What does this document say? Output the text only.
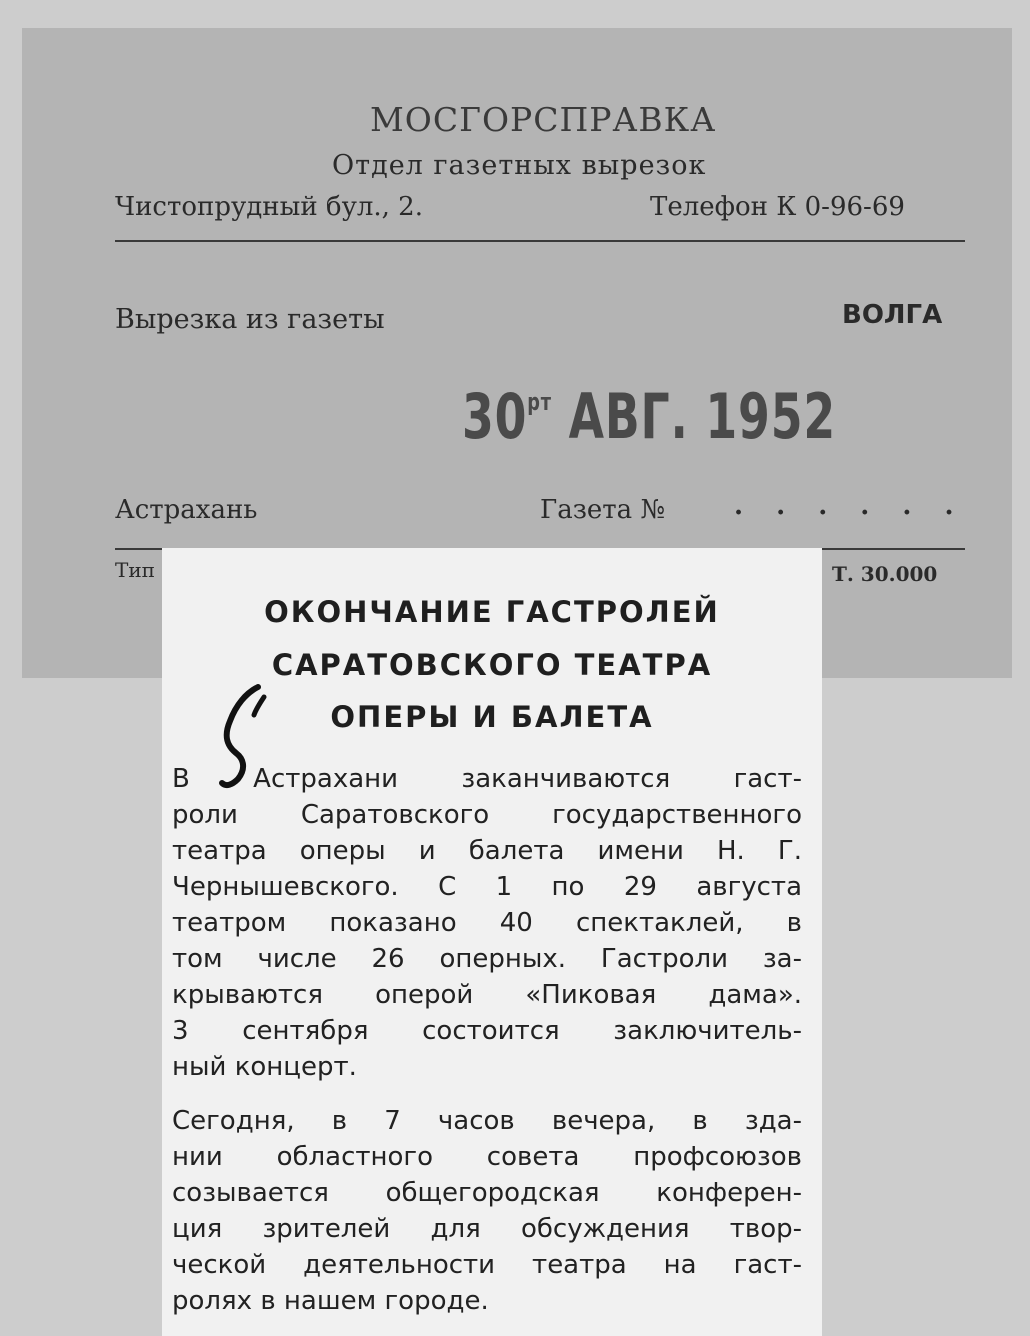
МОСГОРСПРАВКА
Отдел газетных вырезок
Чистопрудный бул., 2.	Телефон К 0-96-69
Вырезка из газеты	ВОЛГА
$30^{рт}$ АВГ. 1952
Астрахань	Газета №	. . . . . .
Тип	Т. 30.000
ОКОНЧАНИЕ ГАСТРОЛЕЙ
САРАТОВСКОГО ТЕАТРА
ОПЕРЫ И БАЛЕТА
В Астрахани заканчиваются гаст-
роли Саратовского государственного
театра оперы и балета имени Н. Г.
Чернышевского. С 1 по 29 августа
театром показано 40 спектаклей, в
том числе 26 оперных. Гастроли за-
крываются оперой «Пиковая дама».
3 сентября состоится заключитель-
ный концерт.
Сегодня, в 7 часов вечера, в зда-
нии областного совета профсоюзов
созывается общегородская конферен-
ция зрителей для обсуждения твор-
ческой деятельности театра на гаст-
ролях в нашем городе.
